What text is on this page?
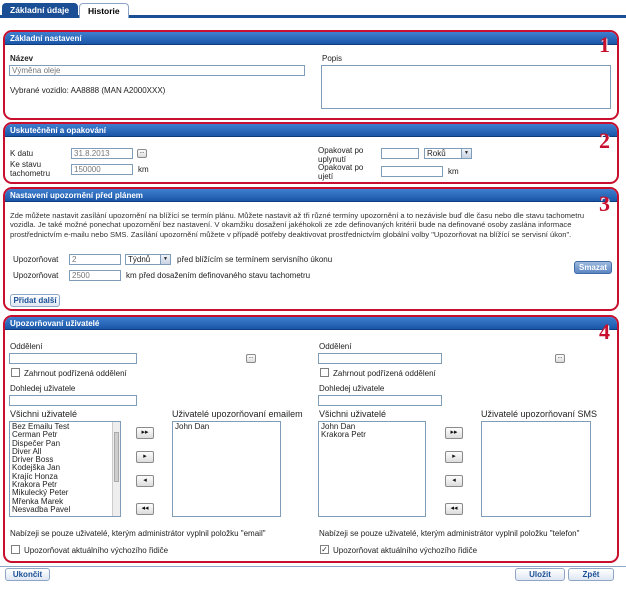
Základní údaje	Historie
Základní nastavení	1
Název
Výměna oleje
Vybrané vozidlo: AA8888 (MAN A2000XXX)
Popis
Uskutečnění a opakování	2
K datu
31.8.2013	...
Ke stavu
tachometru
150000	km
Opakovat po
uplynutí
Roků	▼
Opakovat po
ujetí
km
Nastavení upozornění před plánem	3
Zde můžete nastavit zasílání upozornění na blížící se termín plánu. Můžete nastavit až tři různé termíny upozornění a to nezávisle buď dle času nebo dle stavu tachometru vozidla. Je také možné ponechat upozornění bez nastavení. V okamžiku dosažení jakéhokoli ze zde definovaných kritérií bude na definované osoby zaslána informace prostřednictvím e-mailu nebo SMS. Zasílání upozornění můžete v případě potřeby deaktivovat prostřednictvím globální volby "Upozorňovat na blížící se servisní úkon".
Upozorňovat
2	Týdnů	▼ před blížícím se termínem servisního úkonu
Upozorňovat
2500	km před dosažením definovaného stavu tachometru
Smazat
Přidat další
Upozorňovaní uživatelé	4
Oddělení
...
Zahrnout podřízená oddělení
Dohledej uživatele
Všichni uživatelé
Bez Emailu Test
Cerman Petr
Dispečer Pan
Diver All
Driver Boss
Kodejška Jan
Krajíc Honza
Krakora Petr
Mikulecký Peter
Mřenka Marek
Nesvadba Pavel
▸▸
▸
◂
◂◂
Uživatelé upozorňovaní emailem
John Dan
Nabízeji se pouze uživatelé, kterým administrátor vyplnil položku "email"
Upozorňovat aktuálního výchozího řidiče
Oddělení
...
Zahrnout podřízená oddělení
Dohledej uživatele
Všichni uživatelé
John Dan
Krakora Petr	▸▸
▸
◂
◂◂
Uživatelé upozorňovaní SMS
Nabízeji se pouze uživatelé, kterým administrátor vyplnil položku "telefon"
✓ Upozorňovat aktuálního výchozího řidiče
Ukončit	Uložit	Zpět
